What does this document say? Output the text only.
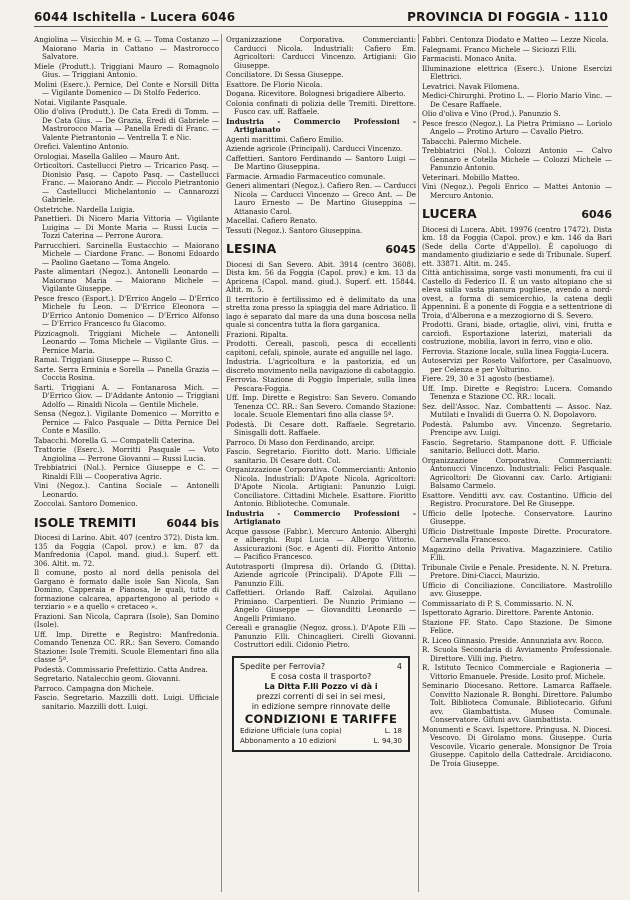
6044 Ischitella - Lucera 6046	PROVINCIA DI FOGGIA - 1110

Angiolina — Visicchio M. e G. — Toma Costanzo — Maiorano Maria in Cattano — Mastrorocco Salvatore.

Miele (Produtt.). Triggiani Mauro — Romagnolo Gius. — Triggiani Antonio.

Molini (Eserc.). Pernice, Del Conte e Norsill Ditta — Vigilante Domenico — Di Stolfo Federico.

Notai. Vigilante Pasquale.

Olio d'oliva (Produtt.). De Cata Eredi di Tomm. — De Cata Gius. — De Grazia, Eredi di Gabriele — Mastrorocco Maria — Panella Eredi di Franc. — Valente Pietrantonio — Ventrella T. e Nic.

Orefici. Valentino Antonio.

Orologiai. Masella Galileo — Mauro Ant.

Orticoltori. Castellucci Pietro — Tricarico Pasq. — Dionisio Pasq. — Capoto Pasq. — Castellucci Franc. — Maiorano Andr. — Piccolo Pietrantonio — Castellucci Michelantonio — Cannarozzi Gabriele.

Ostetriche. Nardella Luigia.

Panettieri. Di Nicero Maria Vittoria — Vigilante Luigina — Di Monte Maria — Russi Lucia — Tozzi Caterina — Perrone Aurora.

Parrucchieri. Sarcinella Eustacchio — Maiorano Michele — Ciardone Franc. — Bonomi Edoardo — Paolino Gaetano — Toma Angelo.

Paste alimentari (Negoz.). Antonelli Leonardo — Maiorano Maria — Maiorano Michele — Vigilante Giuseppe.

Pesce fresco (Esport.). D'Errico Angelo — D'Errico Michele fu Leon. — D'Errico Eleonora — D'Errico Antonio Domenico — D'Errico Alfonso — D'Errico Francesco fu Giacomo.

Pizzicagnoli. Triggiani Michele — Antonelli Leonardo — Toma Michele — Vigilante Gius. — Pernice Maria.

Ramai. Triggiani Giuseppe — Russo C.

Sarte. Serra Erminia e Sorella — Panella Grazia — Coccia Rosina.

Sarti. Triggiani A. — Fontanarosa Mich. — D'Errico Giov. — D'Addante Antonio — Triggiani Adolfo — Rinaldi Nicola — Gentile Michele.

Sensa (Negoz.). Vigilante Domenico — Morritto e Pernice — Falco Pasquale — Ditta Pernice Del Conte e Masillo.

Tabacchi. Morella G. — Compatelli Caterina.

Trattorie (Eserc.). Morritti Pasquale — Voto Angiolina — Perrone Giovanni — Russi Lucia.

Trebbiatrici (Nol.). Pernice Giuseppe e C. — Rinaldi F.lli — Cooperativa Agric.

Vini (Negoz.). Cantina Sociale — Antonelli Leonardo.

Zoccolai. Santoro Domenico.

ISOLE TREMITI	6044 bis

Diocesi di Larino. Abit. 407 (centro 372). Dista km. 135 da Foggia (Capol. prov.) e km. 87 da Manfredonia (Capol. mand. giud.). Superf. ett. 306. Altit. m. 72.

Il comune, posto al nord della penisola del Gargano è formato dalle isole San Nicola, San Domino, Capperaia e Pianosa, le quali, tutte di formazione calcarea, appartengono al periodo « terziario » e a quello « cretaceo ».

Frazioni. San Nicola, Caprara (Isole), San Domino (Isole).

Uff. Imp. Dirette e Registro: Manfredonia. Comando Tenenza CC. RR.: San Severo. Comando Stazione: Isole Tremiti. Scuole Elementari fino alla classe 5ª.

Podestà. Commissario Prefettizio. Catta Andrea.

Segretario. Natalecchio geom. Giovanni.

Parroco. Campagna don Michele.

Fascio. Segretario. Mazzilli dott. Luigi. Ufficiale sanitario. Mazzilli dott. Luigi.

Organizzazione Corporativa. Commercianti: Carducci Nicola. Industriali: Cafiero Em. Agricoltori: Carducci Vincenzo. Artigiani: Gio Giuseppe.

Conciliatore. Di Sessa Giuseppe.

Esattore. De Florio Nicola.

Dogana. Ricevitore. Bolognesi brigadiere Alberto.

Colonia confinati di polizia delle Tremiti. Direttore. Fusco cav. uff. Raffaele.

Industria - Commercio Professioni - Artigianato

Agenti marittimi. Cafiero Emilio.

Aziende agricole (Principali). Carducci Vincenzo.

Caffettieri. Santoro Ferdinando — Santoro Luigi — De Martino Giuseppina.

Farmacie. Armadio Farmaceutico comunale.

Generi alimentari (Negoz.). Cafiero Ren. — Carducci Nicola — Carducci Vincenzo — Greco Ant. — De Lauro Ernesto — De Martino Giuseppina — Attanasio Carol.

Macellai. Cafiero Renato.

Tessuti (Negoz.). Santoro Giuseppina.

LESINA	6045

Diocesi di San Severo. Abit. 3914 (centro 3608). Dista km. 56 da Foggia (Capol. prov.) e km. 13 da Apricena (Capol. mand. giud.). Superf. ett. 15844. Altit. m. 5.

Il territorio è fertilissimo ed è delimitato da una stretta zona presso la spiaggia del mare Adriatico. Il lago è separato dal mare da una duna boscosa nella quale si concentra tutta la flora garganica.

Frazioni. Ripalta.

Prodotti. Cereali, pascoli, pesca di eccellenti capitoni, cefali, spinole, aurate ed anguille nel lago.

Industria. L'agricoltura e la pastorizia, ed un discreto movimento nella navigazione di cabotaggio.

Ferrovia. Stazione di Poggio Imperiale, sulla linea Pescara-Foggia.

Uff. Imp. Dirette e Registro: San Severo. Comando Tenenza CC. RR.: San Severo. Comando Stazione: locale. Scuole Elementari fino alla classe 5ª.

Podestà. Di Cesare dott. Raffaele. Segretario. Sinisgalli dott. Raffaele.

Parroco. Di Maso don Ferdinando, arcipr.

Fascio. Segretario. Fioritto dott. Mario. Ufficiale sanitario. Di Cesare dott. Col.

Organizzazione Corporativa. Commercianti: Antonio Nicola. Industriali: D'Apote Nicola. Agricoltori: D'Apote Nicola. Artigiani: Panunzio Luigi. Conciliatore. Cittadini Michele. Esattore. Fioritto Antonio. Biblioteche. Comunale.

Industria - Commercio Professioni - Artigianato

Acque gassose (Fabbr.). Mercuro Antonio. Alberghi e alberghi. Rupi Lucia — Albergo Vittorio. Assicurazioni (Soc. e Agenti di). Fioritto Antonio — Pacifico Francesco.

Autotrasporti (Impresa di). Orlando G. (Ditta). Aziende agricole (Principali). D'Apote F.lli — Panunzio F.lli.

Caffettieri. Orlando Raff. Calzolai. Aquilano Primiano. Carpentieri. De Nunzio Primiano — Angelo Giuseppe — Giovanditti Leonardo — Angelli Primiano.

Cereali e granaglie (Negoz. gross.). D'Apote F.lli — Panunzio F.lli. Chincaglieri. Cirelli Giovanni. Costruttori edili. Cidonio Pietro.

Spedite per Ferrovia?	4
E cosa costa il trasporto?
La Ditta F.lli Pozzo vi dà i
prezzi correnti di sei in sei mesi,
in edizione sempre rinnovate delle
CONDIZIONI E TARIFFE
Edizione Ufficiale (una copia)	L. 18
Abbonamento a 10 edizioni	L. 94,30

Fabbri. Centonza Diodato e Matteo — Lezze Nicola.

Falegnami. Franco Michele — Siciozzi F.lli.

Farmacisti. Monaco Anita.

Illuminazione elettrica (Eserc.). Unione Esercizi Elettrici.

Levatrici. Navak Filomena.

Medici-Chirurghi. Protino L. — Florio Mario Vinc. — De Cesare Raffaele.

Olio d'oliva e Vino (Prod.). Panunzio S.

Pesce fresco (Negoz.). La Pietra Primiano — Loriolo Angelo — Protino Arturo — Cavallo Pietro.

Tabacchi. Palermo Michele.

Trebbiatrici (Nol.). Colozzi Antonio — Calvo Gennaro e Cotella Michele — Colozzi Michele — Panunzio Antonio.

Veterinari. Mobillo Matteo.

Vini (Negoz.). Pegoli Enrico — Mattei Antonio — Mercuro Antonio.

LUCERA	6046

Diocesi di Lucera. Abit. 19976 (centro 17472). Dista km. 18 da Foggia (Capol. prov.) e km. 146 da Bari (Sede della Corte d'Appello). È capoluogo di mandamento giudiziario e sede di Tribunale. Superf. ett. 33871. Altit. m. 245.

Città antichissima, sorge vasti monumenti, fra cui il Castello di Federico II. È un vasto altopiano che si eleva sulla vasta pianura pugliese, avendo a nord-ovest, a forma di semicerchio, la catena degli Appennini. È a ponente di Foggia e a settentrione di Troia, d'Alberona e a mezzogiorno di S. Severo.

Prodotti. Grani, biade, ortaglie, olivi, vini, frutta e carciofi. Esportazione laterizi, materiali da costruzione, mobilia, lavori in ferro, vino e olio.

Ferrovia. Stazione locale, sulla linea Foggia-Lucera.

Autoservizi per Roseto Valfortore, per Casalnuovo, per Celenza e per Volturino.

Fiere. 29, 30 e 31 agosto (bestiame).

Uff. Imp. Dirette e Registro: Lucera. Comando Tenenza e Stazione CC. RR.: locali.

Sez. dell'Assoc. Naz. Combattenti — Assoc. Naz. Mutilati e Invalidi di Guerra O. N. Dopolavoro.

Podestà. Palumbo avv. Vincenzo. Segretario. Prencipe avv. Luigi.

Fascio. Segretario. Stampanone dott. F. Ufficiale sanitario. Bellucci dott. Mario.

Organizzazione Corporativa. Commercianti: Antonucci Vincenzo. Industriali: Felici Pasquale. Agricoltori: De Giovanni cav. Carlo. Artigiani: Balsamo Carmelo.

Esattore. Venditti avv. cav. Costantino. Ufficio del Registro. Procuratore. Del Re Giuseppe.

Ufficio delle Ipoteche. Conservatore. Laurino Giuseppe.

Ufficio Distrettuale Imposte Dirette. Procuratore. Carnevalla Francesco.

Magazzino della Privativa. Magazziniere. Catilio F.lli.

Tribunale Civile e Penale. Presidente. N. N. Pretura. Pretore. Dini-Ciacci, Maurizio.

Ufficio di Conciliazione. Conciliatore. Mastrolillo avv. Giuseppe.

Commissariato di P. S. Commissario. N. N.

Ispettorato Agrario. Direttore. Parente Antonio.

Stazione FF. Stato. Capo Stazione. De Simone Felice.

R. Liceo Ginnasio. Preside. Annunziata avv. Rocco.

R. Scuola Secondaria di Avviamento Professionale. Direttore. Villi ing. Pietro.

R. Istituto Tecnico Commerciale e Ragioneria — Vittorio Emanuele. Preside. Losito prof. Michele.

Seminario Diocesano. Rettore. Lamarca Raffaele. Convitto Nazionale R. Bonghi. Direttore. Palumbo Tolt. Biblioteca Comunale. Bibliotecario. Gifuni avv. Giambattista. Museo Comunale. Conservatore. Gifuni avv. Giambattista.

Monumenti e Scavi. Ispettore. Pringusa. N. Diocesi. Vescovo. Di Girolamo mons. Giuseppe. Curia Vescovile. Vicario generale. Monsignor De Troia Giuseppe. Capitolo della Cattedrale. Arcidiacono. De Troia Giuseppe.
